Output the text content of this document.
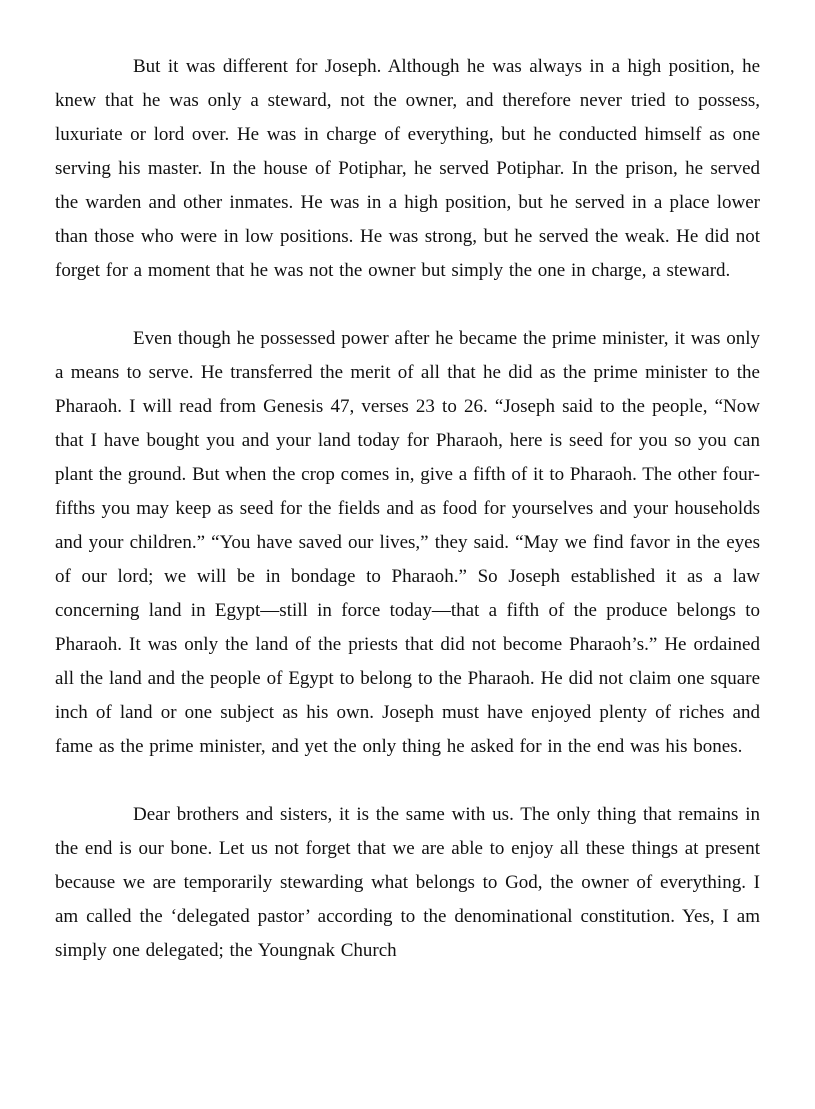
But it was different for Joseph. Although he was always in a high position, he knew that he was only a steward, not the owner, and therefore never tried to possess, luxuriate or lord over. He was in charge of everything, but he conducted himself as one serving his master. In the house of Potiphar, he served Potiphar. In the prison, he served the warden and other inmates. He was in a high position, but he served in a place lower than those who were in low positions. He was strong, but he served the weak. He did not forget for a moment that he was not the owner but simply the one in charge, a steward.

Even though he possessed power after he became the prime minister, it was only a means to serve. He transferred the merit of all that he did as the prime minister to the Pharaoh. I will read from Genesis 47, verses 23 to 26. “Joseph said to the people, “Now that I have bought you and your land today for Pharaoh, here is seed for you so you can plant the ground. But when the crop comes in, give a fifth of it to Pharaoh. The other four-fifths you may keep as seed for the fields and as food for yourselves and your households and your children.” “You have saved our lives,” they said. “May we find favor in the eyes of our lord; we will be in bondage to Pharaoh.” So Joseph established it as a law concerning land in Egypt—still in force today—that a fifth of the produce belongs to Pharaoh. It was only the land of the priests that did not become Pharaoh’s.” He ordained all the land and the people of Egypt to belong to the Pharaoh. He did not claim one square inch of land or one subject as his own. Joseph must have enjoyed plenty of riches and fame as the prime minister, and yet the only thing he asked for in the end was his bones.

Dear brothers and sisters, it is the same with us. The only thing that remains in the end is our bone. Let us not forget that we are able to enjoy all these things at present because we are temporarily stewarding what belongs to God, the owner of everything. I am called the ‘delegated pastor’ according to the denominational constitution. Yes, I am simply one delegated; the Youngnak Church
